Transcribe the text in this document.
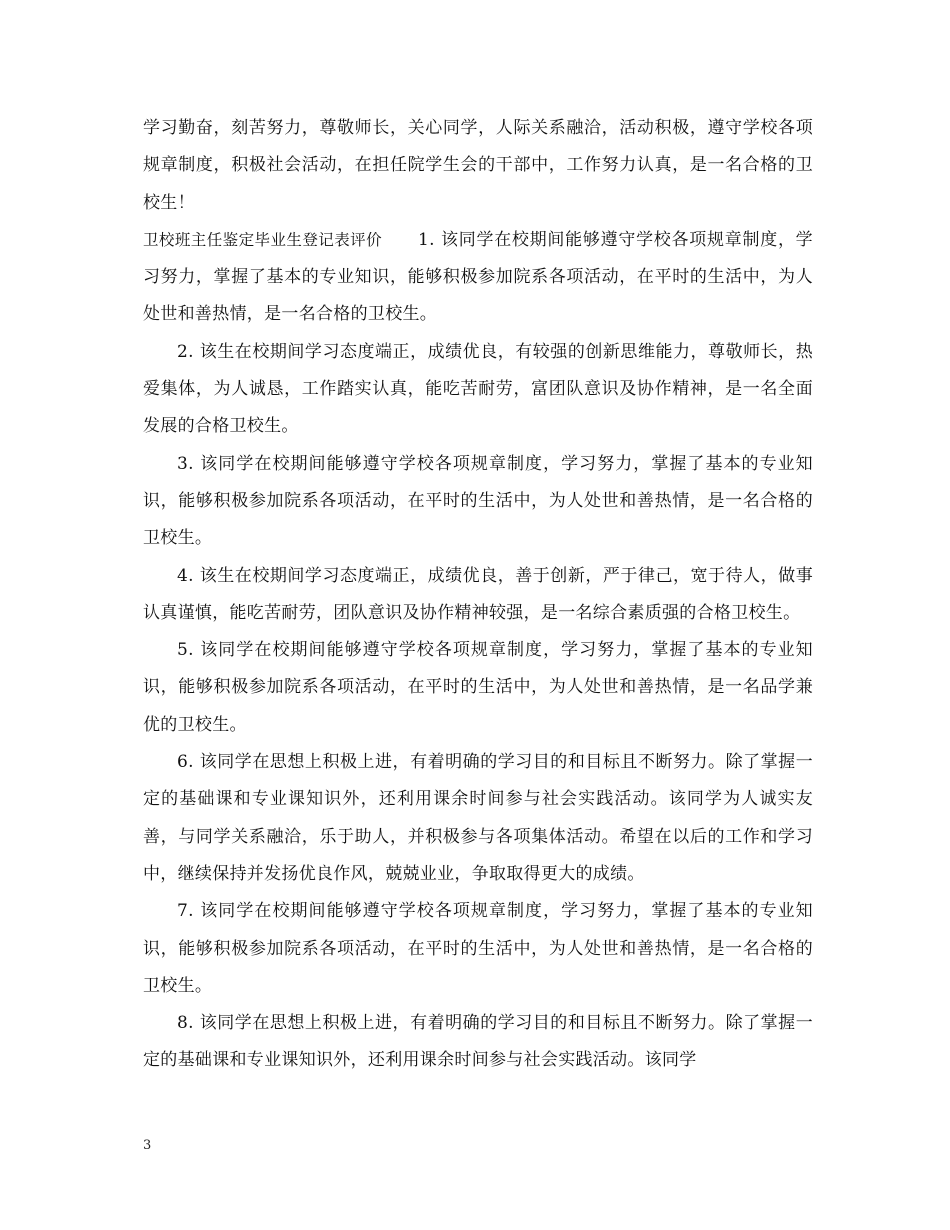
学习勤奋，刻苦努力，尊敬师长，关心同学，人际关系融洽，活动积极，遵守学校各项规章制度，积极社会活动，在担任院学生会的干部中，工作努力认真，是一名合格的卫校生！

卫校班主任鉴定毕业生登记表评价 1. 该同学在校期间能够遵守学校各项规章制度，学习努力，掌握了基本的专业知识，能够积极参加院系各项活动，在平时的生活中，为人处世和善热情，是一名合格的卫校生。

2. 该生在校期间学习态度端正，成绩优良，有较强的创新思维能力，尊敬师长，热爱集体，为人诚恳，工作踏实认真，能吃苦耐劳，富团队意识及协作精神，是一名全面发展的合格卫校生。

3. 该同学在校期间能够遵守学校各项规章制度，学习努力，掌握了基本的专业知识，能够积极参加院系各项活动，在平时的生活中，为人处世和善热情，是一名合格的卫校生。

4. 该生在校期间学习态度端正，成绩优良，善于创新，严于律己，宽于待人，做事认真谨慎，能吃苦耐劳，团队意识及协作精神较强，是一名综合素质强的合格卫校生。

5. 该同学在校期间能够遵守学校各项规章制度，学习努力，掌握了基本的专业知识，能够积极参加院系各项活动，在平时的生活中，为人处世和善热情，是一名品学兼优的卫校生。

6. 该同学在思想上积极上进，有着明确的学习目的和目标且不断努力。除了掌握一定的基础课和专业课知识外，还利用课余时间参与社会实践活动。该同学为人诚实友善，与同学关系融洽，乐于助人，并积极参与各项集体活动。希望在以后的工作和学习中，继续保持并发扬优良作风，兢兢业业，争取取得更大的成绩。

7. 该同学在校期间能够遵守学校各项规章制度，学习努力，掌握了基本的专业知识，能够积极参加院系各项活动，在平时的生活中，为人处世和善热情，是一名合格的卫校生。

8. 该同学在思想上积极上进，有着明确的学习目的和目标且不断努力。除了掌握一定的基础课和专业课知识外，还利用课余时间参与社会实践活动。该同学

3
